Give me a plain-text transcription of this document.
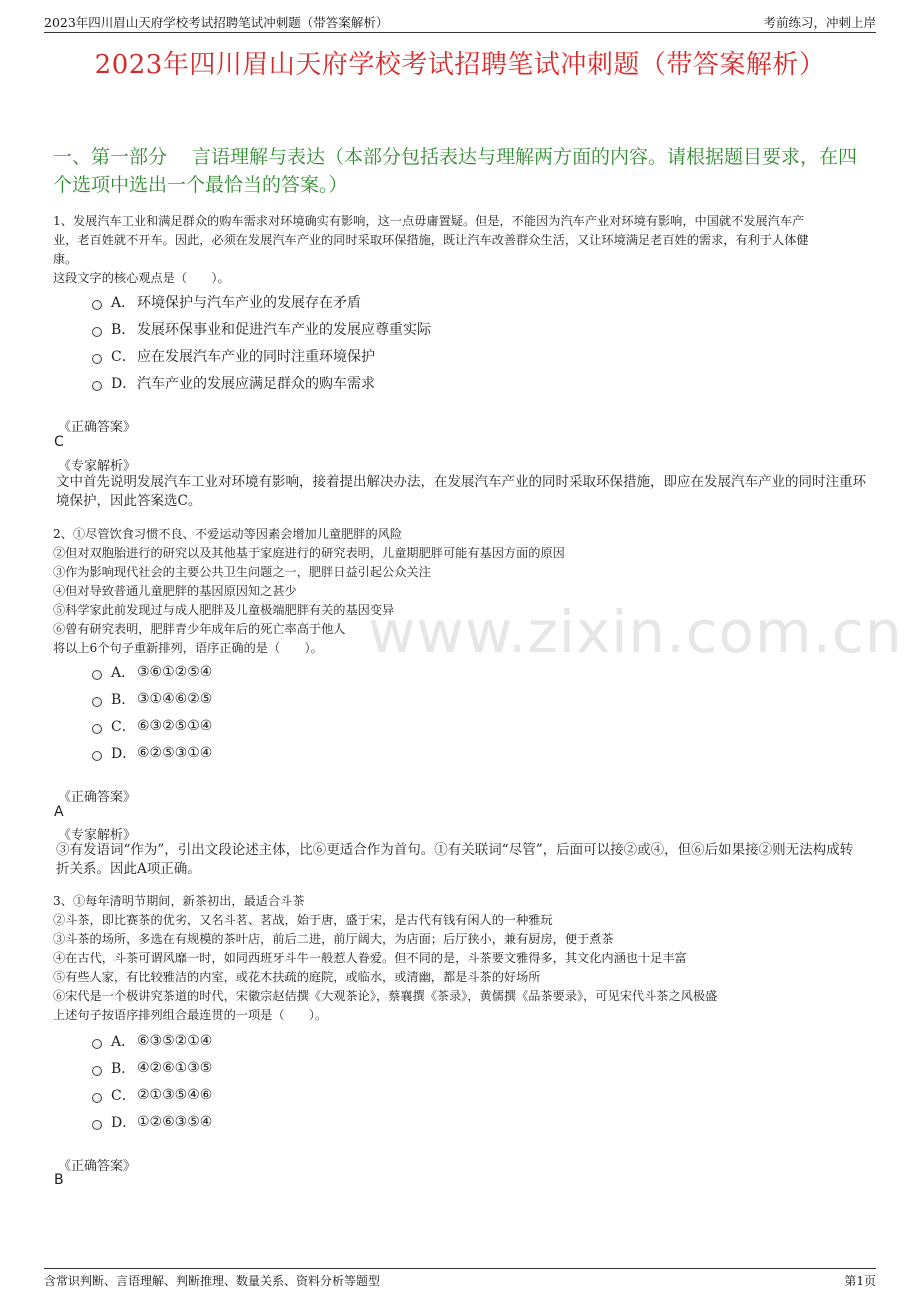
2023年四川眉山天府学校考试招聘笔试冲刺题（带答案解析）	考前练习，冲刺上岸
2023年四川眉山天府学校考试招聘笔试冲刺题（带答案解析）
一、第一部分　 言语理解与表达（本部分包括表达与理解两方面的内容。请根据题目要求，在四个选项中选出一个最恰当的答案。）
www.zixin.com.cn

1、发展汽车工业和满足群众的购车需求对环境确实有影响，这一点毋庸置疑。但是，不能因为汽车产业对环境有影响，中国就不发展汽车产

业，老百姓就不开车。因此，必须在发展汽车产业的同时采取环保措施，既让汽车改善群众生活，又让环境满足老百姓的需求，有利于人体健

康。

这段文字的核心观点是（　　）。

A． 环境保护与汽车产业的发展存在矛盾
B． 发展环保事业和促进汽车产业的发展应尊重实际
C． 应在发展汽车产业的同时注重环境保护
D． 汽车产业的发展应满足群众的购车需求
《正确答案》
C
《专家解析》
文中首先说明发展汽车工业对环境有影响，接着提出解决办法，在发展汽车产业的同时采取环保措施，即应在发展汽车产业的同时注重环境保护，因此答案选C。

2、①尽管饮食习惯不良、不爱运动等因素会增加儿童肥胖的风险

②但对双胞胎进行的研究以及其他基于家庭进行的研究表明，儿童期肥胖可能有基因方面的原因

③作为影响现代社会的主要公共卫生问题之一，肥胖日益引起公众关注

④但对导致普通儿童肥胖的基因原因知之甚少

⑤科学家此前发现过与成人肥胖及儿童极端肥胖有关的基因变异

⑥曾有研究表明，肥胖青少年成年后的死亡率高于他人

将以上6个句子重新排列，语序正确的是（　　）。

A． ③⑥①②⑤④
B． ③①④⑥②⑤
C． ⑥③②⑤①④
D． ⑥②⑤③①④
《正确答案》
A
《专家解析》
③有发语词“作为”，引出文段论述主体，比⑥更适合作为首句。①有关联词“尽管”，后面可以接②或④，但⑥后如果接②则无法构成转折关系。因此A项正确。

3、①每年清明节期间，新茶初出，最适合斗茶

②斗茶，即比赛茶的优劣，又名斗茗、茗战，始于唐，盛于宋，是古代有钱有闲人的一种雅玩

③斗茶的场所，多选在有规模的茶叶店，前后二进，前厅阔大，为店面；后厅狭小，兼有厨房，便于煮茶

④在古代，斗茶可谓风靡一时，如同西班牙斗牛一般惹人眷爱。但不同的是，斗茶要文雅得多，其文化内涵也十足丰富

⑤有些人家，有比较雅洁的内室，或花木扶疏的庭院，或临水，或清幽，都是斗茶的好场所

⑥宋代是一个极讲究茶道的时代，宋徽宗赵佶撰《大观茶论》，蔡襄撰《茶录》，黄儒撰《品茶要录》，可见宋代斗茶之风极盛

上述句子按语序排列组合最连贯的一项是（　　）。

A． ⑥③⑤②①④
B． ④②⑥①③⑤
C． ②①③⑤④⑥
D． ①②⑥③⑤④
《正确答案》
B
含常识判断、言语理解、判断推理、数量关系、资料分析等题型	第1页
